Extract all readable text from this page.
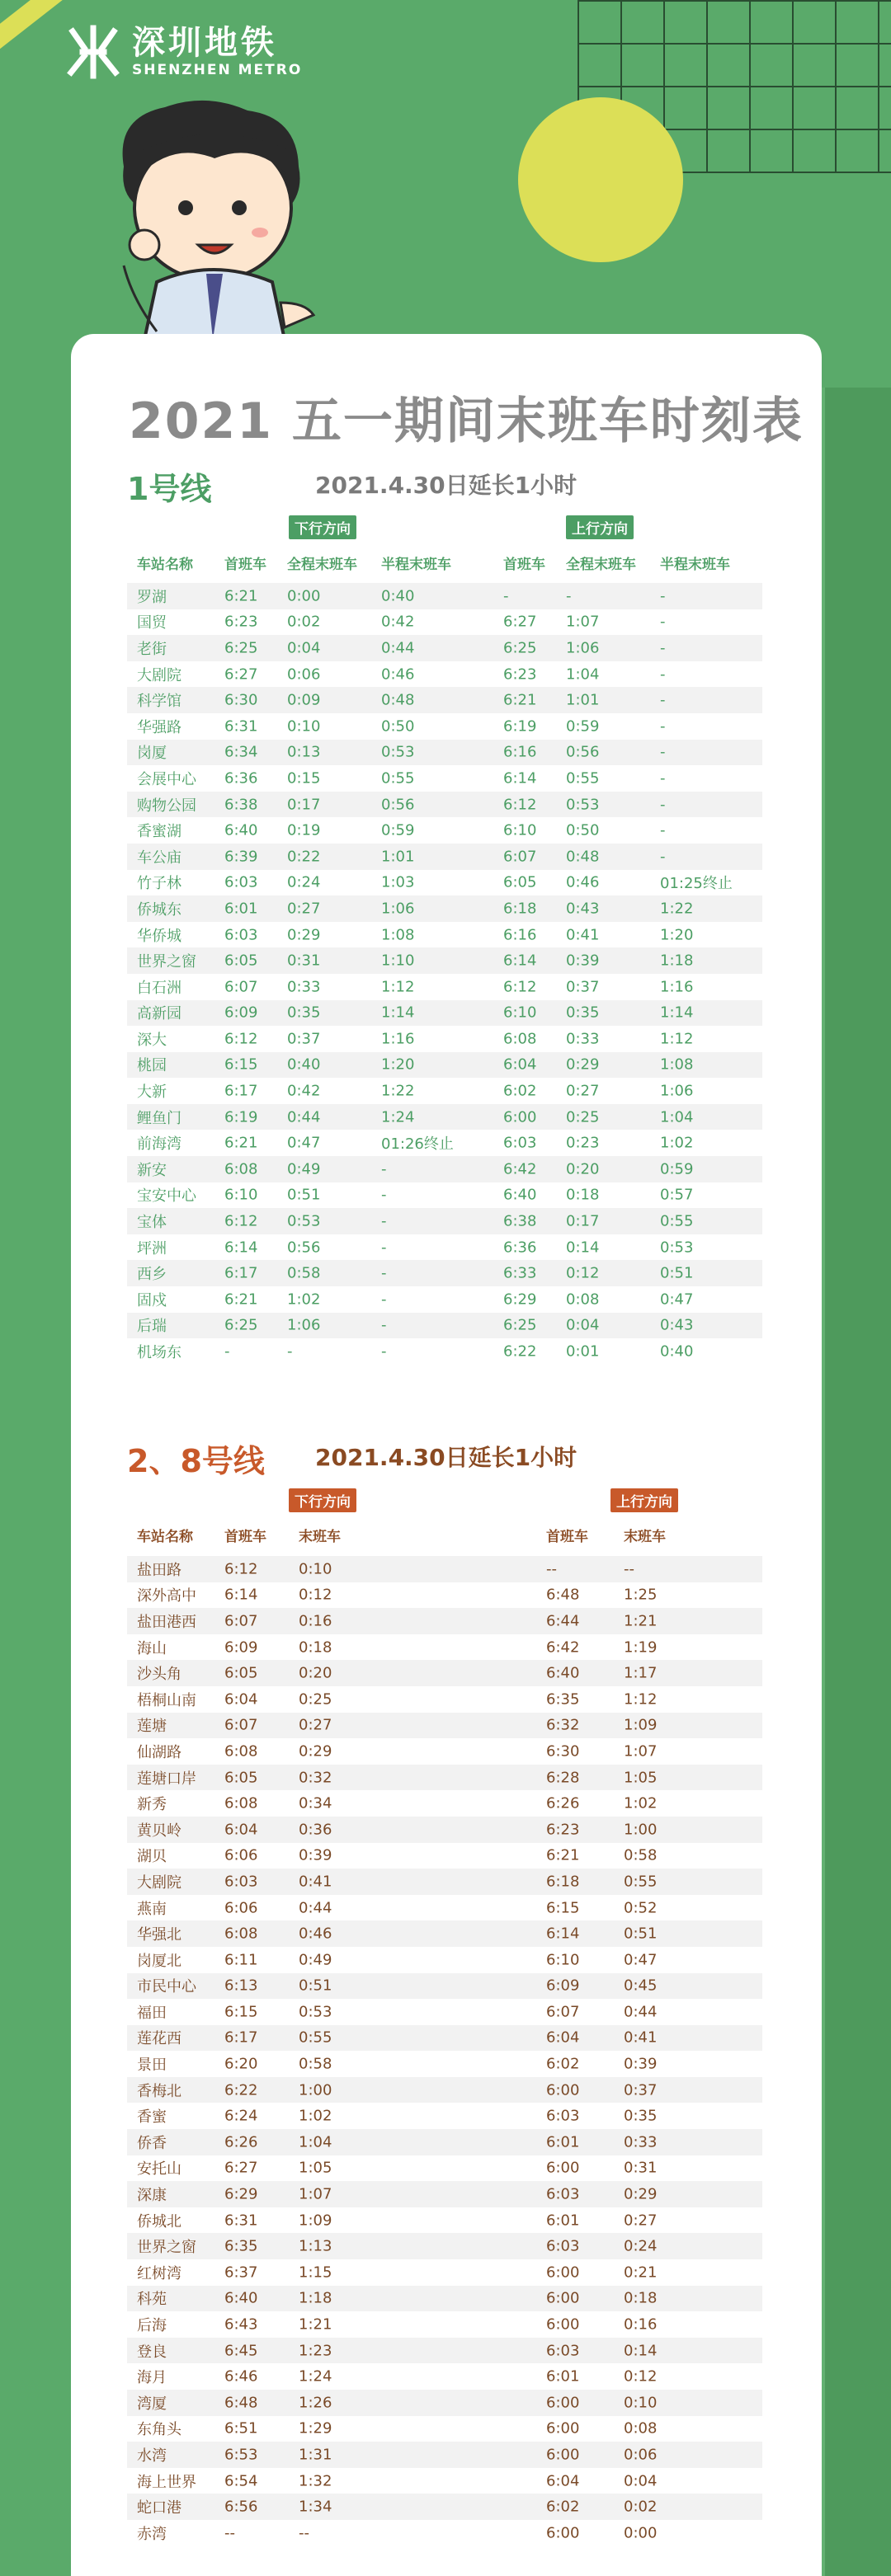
深圳地铁
SHENZHEN METRO
2021 五一期间末班车时刻表
1号线	2021.4.30日延长1小时
下行方向	上行方向
车站名称 首班车 全程末班车 半程末班车	首班车 全程末班车 半程末班车
罗湖	6:21 0:00	0:40	-	-	-
国贸	6:23 0:02	0:42	6:27 1:07	-
老街	6:25 0:04	0:44	6:25 1:06	-
大剧院	6:27 0:06	0:46	6:23 1:04	-
科学馆	6:30 0:09	0:48	6:21 1:01	-
华强路	6:31 0:10	0:50	6:19 0:59	-
岗厦	6:34 0:13	0:53	6:16 0:56	-
会展中心 6:36 0:15	0:55	6:14 0:55	-
购物公园 6:38 0:17	0:56	6:12 0:53	-
香蜜湖	6:40 0:19	0:59	6:10 0:50	-
车公庙	6:39 0:22	1:01	6:07 0:48	-
竹子林	6:03 0:24	1:03	6:05 0:46	01:25终止
侨城东	6:01 0:27	1:06	6:18 0:43	1:22
华侨城	6:03 0:29	1:08	6:16 0:41	1:20
世界之窗 6:05 0:31	1:10	6:14 0:39	1:18
白石洲	6:07 0:33	1:12	6:12 0:37	1:16
高新园	6:09 0:35	1:14	6:10 0:35	1:14
深大	6:12 0:37	1:16	6:08 0:33	1:12
桃园	6:15 0:40	1:20	6:04 0:29	1:08
大新	6:17 0:42	1:22	6:02 0:27	1:06
鲤鱼门	6:19 0:44	1:24	6:00 0:25	1:04
前海湾	6:21 0:47	01:26终止	6:03 0:23	1:02
新安	6:08 0:49	-	6:42 0:20	0:59
宝安中心 6:10 0:51	-	6:40 0:18	0:57
宝体	6:12 0:53	-	6:38 0:17	0:55
坪洲	6:14 0:56	-	6:36 0:14	0:53
西乡	6:17 0:58	-	6:33 0:12	0:51
固戍	6:21 1:02	-	6:29 0:08	0:47
后瑞	6:25 1:06	-	6:25 0:04	0:43
机场东	-	-	-	6:22 0:01	0:40
2、8号线 2021.4.30日延长1小时
下行方向	上行方向
车站名称 首班车 末班车	首班车	末班车
盐田路	6:12	0:10	--	--
深外高中 6:14	0:12	6:48	1:25
盐田港西 6:07	0:16	6:44	1:21
海山	6:09	0:18	6:42	1:19
沙头角	6:05	0:20	6:40	1:17
梧桐山南 6:04	0:25	6:35	1:12
莲塘	6:07	0:27	6:32	1:09
仙湖路	6:08	0:29	6:30	1:07
莲塘口岸 6:05	0:32	6:28	1:05
新秀	6:08	0:34	6:26	1:02
黄贝岭	6:04	0:36	6:23	1:00
湖贝	6:06	0:39	6:21	0:58
大剧院	6:03	0:41	6:18	0:55
燕南	6:06	0:44	6:15	0:52
华强北	6:08	0:46	6:14	0:51
岗厦北	6:11	0:49	6:10	0:47
市民中心 6:13	0:51	6:09	0:45
福田	6:15	0:53	6:07	0:44
莲花西	6:17	0:55	6:04	0:41
景田	6:20	0:58	6:02	0:39
香梅北	6:22	1:00	6:00	0:37
香蜜	6:24	1:02	6:03	0:35
侨香	6:26	1:04	6:01	0:33
安托山	6:27	1:05	6:00	0:31
深康	6:29	1:07	6:03	0:29
侨城北	6:31	1:09	6:01	0:27
世界之窗 6:35	1:13	6:03	0:24
红树湾	6:37	1:15	6:00	0:21
科苑	6:40	1:18	6:00	0:18
后海	6:43	1:21	6:00	0:16
登良	6:45	1:23	6:03	0:14
海月	6:46	1:24	6:01	0:12
湾厦	6:48	1:26	6:00	0:10
东角头	6:51	1:29	6:00	0:08
水湾	6:53	1:31	6:00	0:06
海上世界 6:54	1:32	6:04	0:04
蛇口港	6:56	1:34	6:02	0:02
赤湾	--	--	6:00	0:00
